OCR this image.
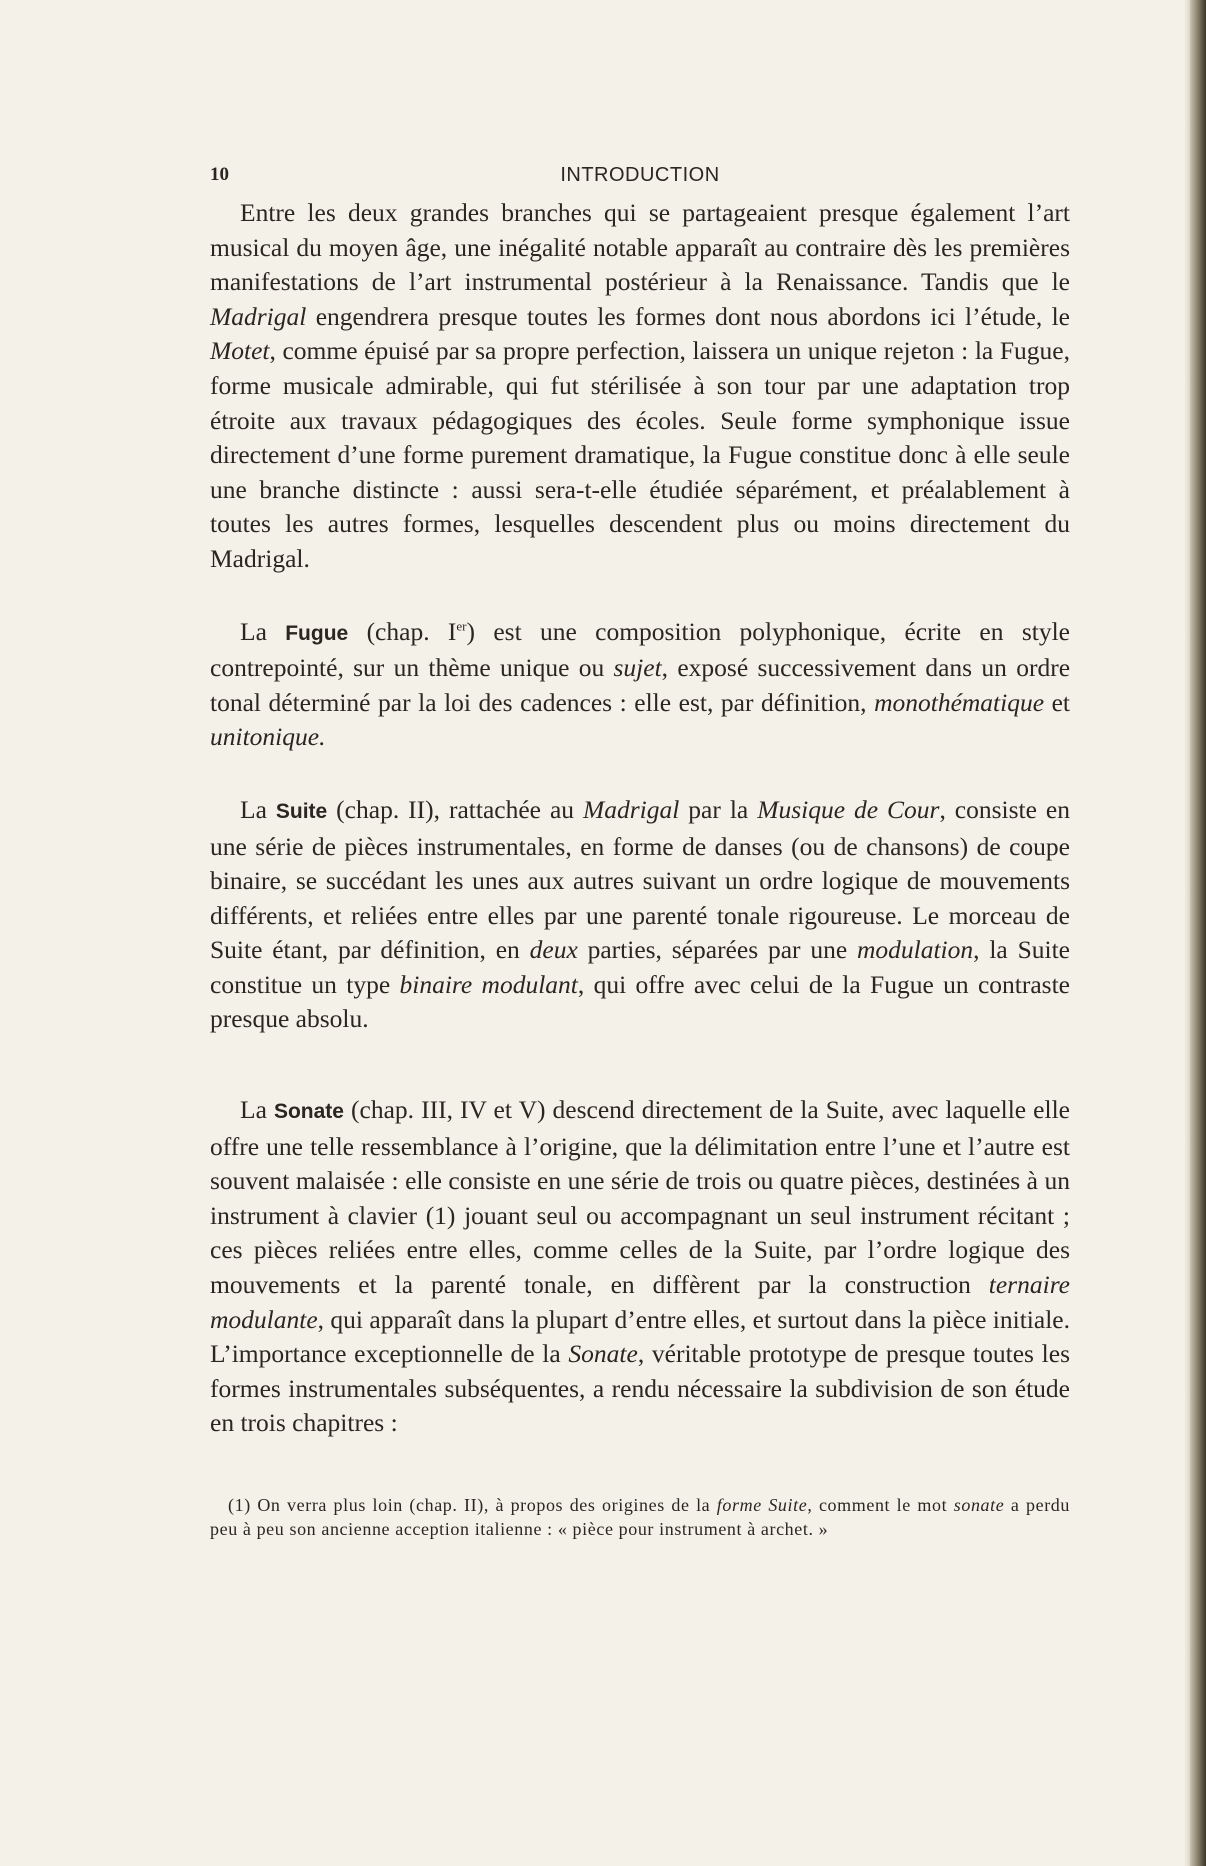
10	INTRODUCTION

Entre les deux grandes branches qui se partageaient presque également l’art musical du moyen âge, une inégalité notable apparaît au contraire dès les premières manifestations de l’art instrumental postérieur à la Renaissance. Tandis que le Madrigal engendrera presque toutes les formes dont nous abordons ici l’étude, le Motet, comme épuisé par sa propre perfection, laissera un unique rejeton : la Fugue, forme musicale admirable, qui fut stérilisée à son tour par une adaptation trop étroite aux travaux pédagogiques des écoles. Seule forme symphonique issue directement d’une forme purement dramatique, la Fugue constitue donc à elle seule une branche distincte : aussi sera-t-elle étudiée séparément, et préalablement à toutes les autres formes, lesquelles descendent plus ou moins directement du Madrigal.

La Fugue (chap. Ier) est une composition polyphonique, écrite en style contrepointé, sur un thème unique ou sujet, exposé successivement dans un ordre tonal déterminé par la loi des cadences : elle est, par définition, monothématique et unitonique.

La Suite (chap. II), rattachée au Madrigal par la Musique de Cour, consiste en une série de pièces instrumentales, en forme de danses (ou de chansons) de coupe binaire, se succédant les unes aux autres suivant un ordre logique de mouvements différents, et reliées entre elles par une parenté tonale rigoureuse. Le morceau de Suite étant, par définition, en deux parties, séparées par une modulation, la Suite constitue un type binaire modulant, qui offre avec celui de la Fugue un contraste presque absolu.

La Sonate (chap. III, IV et V) descend directement de la Suite, avec laquelle elle offre une telle ressemblance à l’origine, que la délimitation entre l’une et l’autre est souvent malaisée : elle consiste en une série de trois ou quatre pièces, destinées à un instrument à clavier (1) jouant seul ou accompagnant un seul instrument récitant ; ces pièces reliées entre elles, comme celles de la Suite, par l’ordre logique des mouvements et la parenté tonale, en diffèrent par la construction ternaire modulante, qui apparaît dans la plupart d’entre elles, et surtout dans la pièce initiale. L’importance exceptionnelle de la Sonate, véritable prototype de presque toutes les formes instrumentales subséquentes, a rendu nécessaire la subdivision de son étude en trois chapitres :

(1) On verra plus loin (chap. II), à propos des origines de la forme Suite, comment le mot sonate a perdu peu à peu son ancienne acception italienne : « pièce pour instrument à archet. »
